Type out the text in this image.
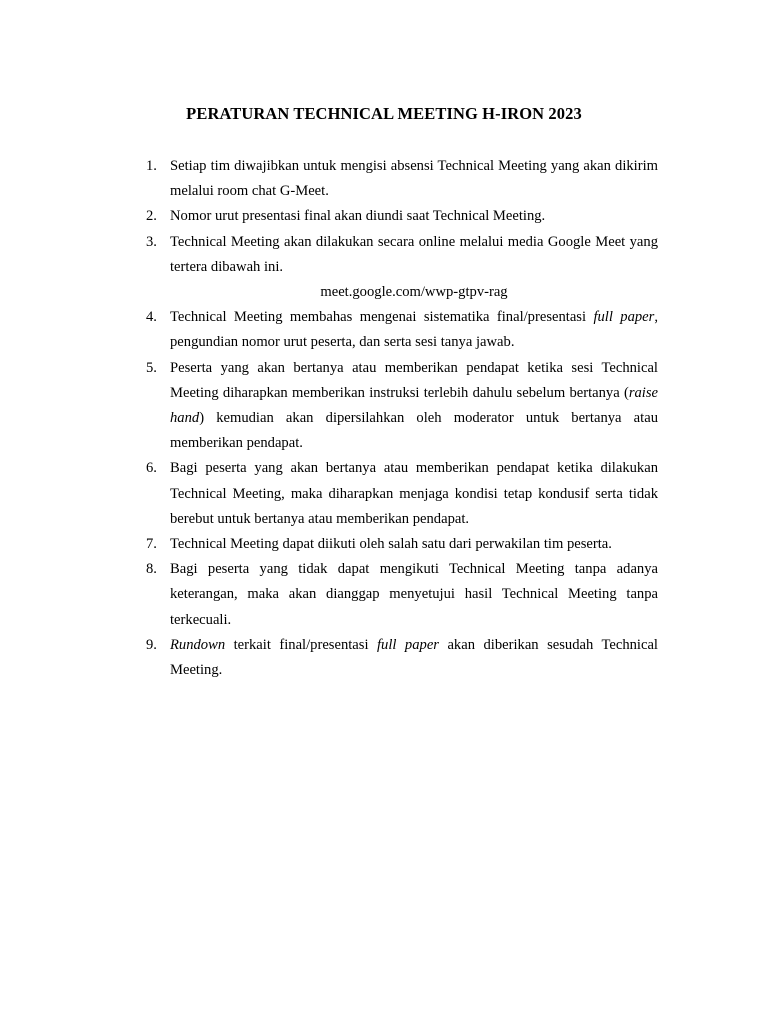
PERATURAN TECHNICAL MEETING H-IRON 2023
1. Setiap tim diwajibkan untuk mengisi absensi Technical Meeting yang akan dikirim melalui room chat G-Meet.
2. Nomor urut presentasi final akan diundi saat Technical Meeting.
3. Technical Meeting akan dilakukan secara online melalui media Google Meet yang tertera dibawah ini.
meet.google.com/wwp-gtpv-rag
4. Technical Meeting membahas mengenai sistematika final/presentasi full paper, pengundian nomor urut peserta, dan serta sesi tanya jawab.
5. Peserta yang akan bertanya atau memberikan pendapat ketika sesi Technical Meeting diharapkan memberikan instruksi terlebih dahulu sebelum bertanya (raise hand) kemudian akan dipersilahkan oleh moderator untuk bertanya atau memberikan pendapat.
6. Bagi peserta yang akan bertanya atau memberikan pendapat ketika dilakukan Technical Meeting, maka diharapkan menjaga kondisi tetap kondusif serta tidak berebut untuk bertanya atau memberikan pendapat.
7. Technical Meeting dapat diikuti oleh salah satu dari perwakilan tim peserta.
8. Bagi peserta yang tidak dapat mengikuti Technical Meeting tanpa adanya keterangan, maka akan dianggap menyetujui hasil Technical Meeting tanpa terkecuali.
9. Rundown terkait final/presentasi full paper akan diberikan sesudah Technical Meeting.
